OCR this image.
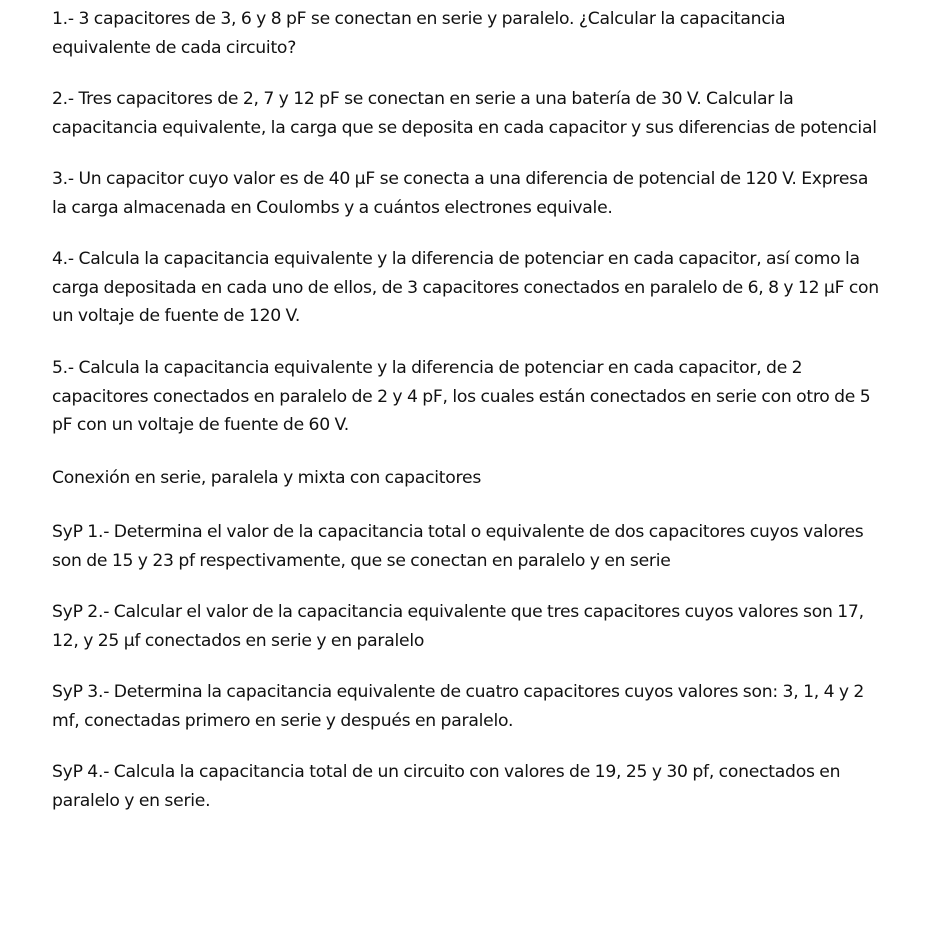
1.- 3 capacitores de 3, 6 y 8 pF se conectan en serie y paralelo. ¿Calcular la capacitancia
equivalente de cada circuito?

2.- Tres capacitores de 2, 7 y 12 pF se conectan en serie a una batería de 30 V. Calcular la
capacitancia equivalente, la carga que se deposita en cada capacitor y sus diferencias de potencial

3.- Un capacitor cuyo valor es de 40 µF se conecta a una diferencia de potencial de 120 V. Expresa
la carga almacenada en Coulombs y a cuántos electrones equivale.

4.- Calcula la capacitancia equivalente y la diferencia de potenciar en cada capacitor, así como la
carga depositada en cada uno de ellos, de 3 capacitores conectados en paralelo de 6, 8 y 12 µF con
un voltaje de fuente de 120 V.

5.- Calcula la capacitancia equivalente y la diferencia de potenciar en cada capacitor, de 2
capacitores conectados en paralelo de 2 y 4 pF, los cuales están conectados en serie con otro de 5
pF con un voltaje de fuente de 60 V.

Conexión en serie, paralela y mixta con capacitores

SyP 1.- Determina el valor de la capacitancia total o equivalente de dos capacitores cuyos valores
son de 15 y 23 pf respectivamente, que se conectan en paralelo y en serie

SyP 2.- Calcular el valor de la capacitancia equivalente que tres capacitores cuyos valores son 17,
12, y 25 µf conectados en serie y en paralelo

SyP 3.- Determina la capacitancia equivalente de cuatro capacitores cuyos valores son: 3, 1, 4 y 2
mf, conectadas primero en serie y después en paralelo.

SyP 4.- Calcula la capacitancia total de un circuito con valores de 19, 25 y 30 pf, conectados en
paralelo y en serie.
